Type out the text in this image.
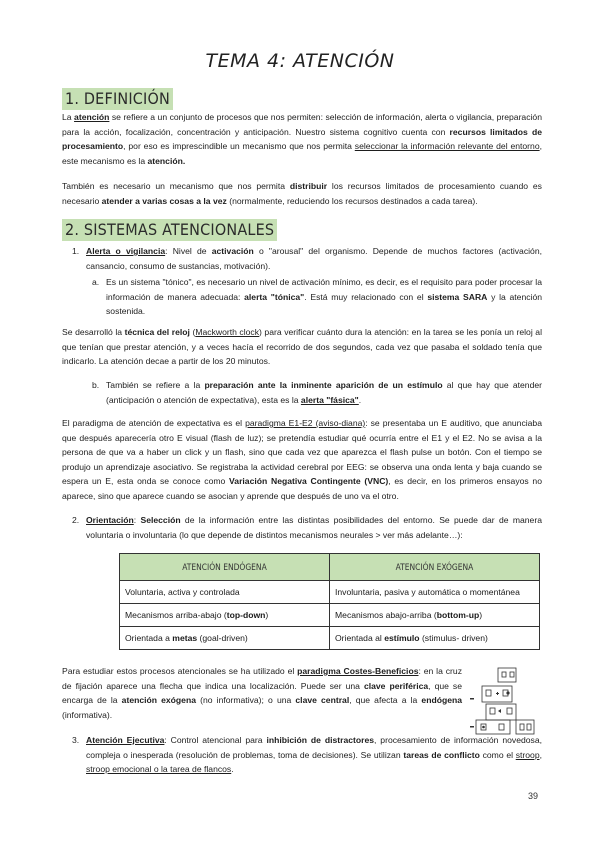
TEMA 4: ATENCIÓN
1. DEFINICIÓN
La atención se refiere a un conjunto de procesos que nos permiten: selección de información, alerta o vigilancia, preparación para la acción, focalización, concentración y anticipación. Nuestro sistema cognitivo cuenta con recursos limitados de procesamiento, por eso es imprescindible un mecanismo que nos permita seleccionar la información relevante del entorno, este mecanismo es la atención.
También es necesario un mecanismo que nos permita distribuir los recursos limitados de procesamiento cuando es necesario atender a varias cosas a la vez (normalmente, reduciendo los recursos destinados a cada tarea).
2. SISTEMAS ATENCIONALES
1. Alerta o vigilancia: Nivel de activación o "arousal" del organismo. Depende de muchos factores (activación, cansancio, consumo de sustancias, motivación).
a. Es un sistema "tónico", es necesario un nivel de activación mínimo, es decir, es el requisito para poder procesar la información de manera adecuada: alerta "tónica". Está muy relacionado con el sistema SARA y la atención sostenida.
Se desarrolló la técnica del reloj (Mackworth clock) para verificar cuánto dura la atención: en la tarea se les ponía un reloj al que tenían que prestar atención, y a veces hacía el recorrido de dos segundos, cada vez que pasaba el soldado tenía que indicarlo. La atención decae a partir de los 20 minutos.
b. También se refiere a la preparación ante la inminente aparición de un estímulo al que hay que atender (anticipación o atención de expectativa), esta es la alerta "fásica".
El paradigma de atención de expectativa es el paradigma E1-E2 (aviso-diana): se presentaba un E auditivo, que anunciaba que después aparecería otro E visual (flash de luz); se pretendía estudiar qué ocurría entre el E1 y el E2. No se avisa a la persona de que va a haber un click y un flash, sino que cada vez que aparezca el flash pulse un botón. Con el tiempo se produjo un aprendizaje asociativo. Se registraba la actividad cerebral por EEG: se observa una onda lenta y baja cuando se espera un E, esta onda se conoce como Variación Negativa Contingente (VNC), es decir, en los primeros ensayos no aparece, sino que aparece cuando se asocian y aprende que después de uno va el otro.
2. Orientación: Selección de la información entre las distintas posibilidades del entorno. Se puede dar de manera voluntaria o involuntaria (lo que depende de distintos mecanismos neurales > ver más adelante…):
ATENCIÓN ENDÓGENA	ATENCIÓN EXÓGENA
Voluntaria, activa y controlada	Involuntaria, pasiva y automática o momentánea
Mecanismos arriba-abajo (top-down)	Mecanismos abajo-arriba (bottom-up)
Orientada a metas (goal-driven)	Orientada al estímulo (stimulus- driven)
Para estudiar estos procesos atencionales se ha utilizado el paradigma Costes-Beneficios: en la cruz de fijación aparece una flecha que indica una localización. Puede ser una clave periférica, que se encarga de la atención exógena (no informativa); o una clave central, que afecta a la endógena (informativa).
3. Atención Ejecutiva: Control atencional para inhibición de distractores, procesamiento de información novedosa, compleja o inesperada (resolución de problemas, toma de decisiones). Se utilizan tareas de conflicto como el stroop, stroop emocional o la tarea de flancos.
39
